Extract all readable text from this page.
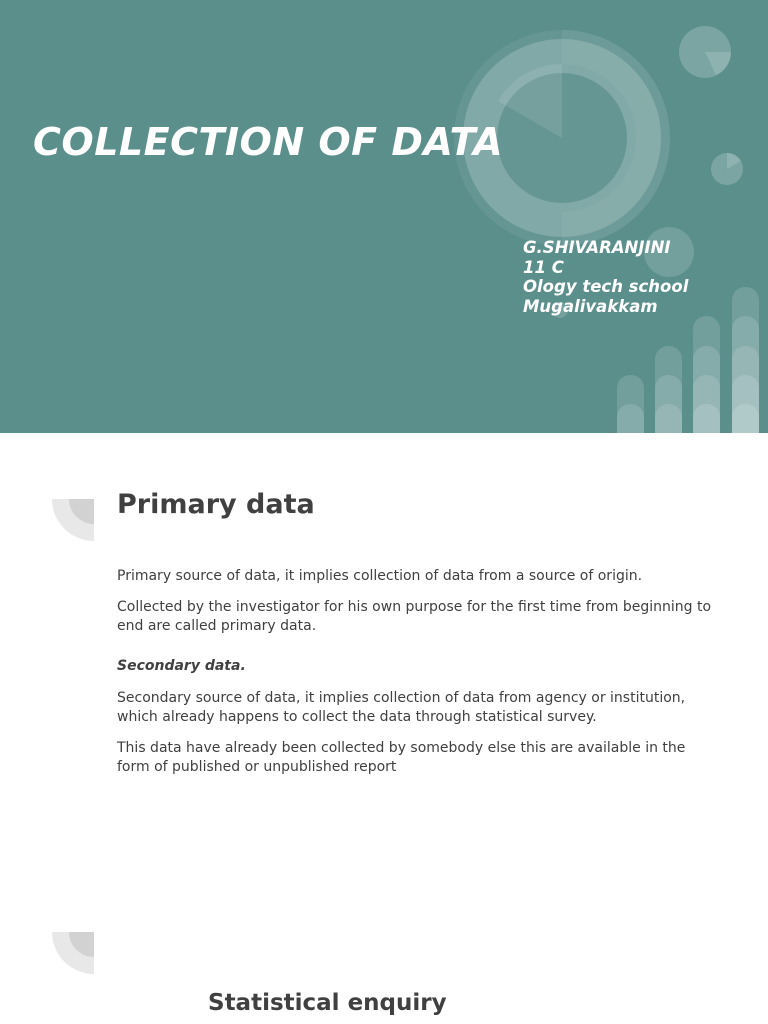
COLLECTION OF DATA
G.SHIVARANJINI
11 C
Ology tech school
Mugalivakkam
Primary data

Primary source of data, it implies collection of data from a source of origin.

Collected by the investigator for his own purpose for the first time from beginning to end are called primary data.

Secondary data.

Secondary source of data, it implies collection of data from agency or institution, which already happens to collect the data through statistical survey.

This data have already been collected by somebody else this are available in the form of published or unpublished report

Statistical enquiry
